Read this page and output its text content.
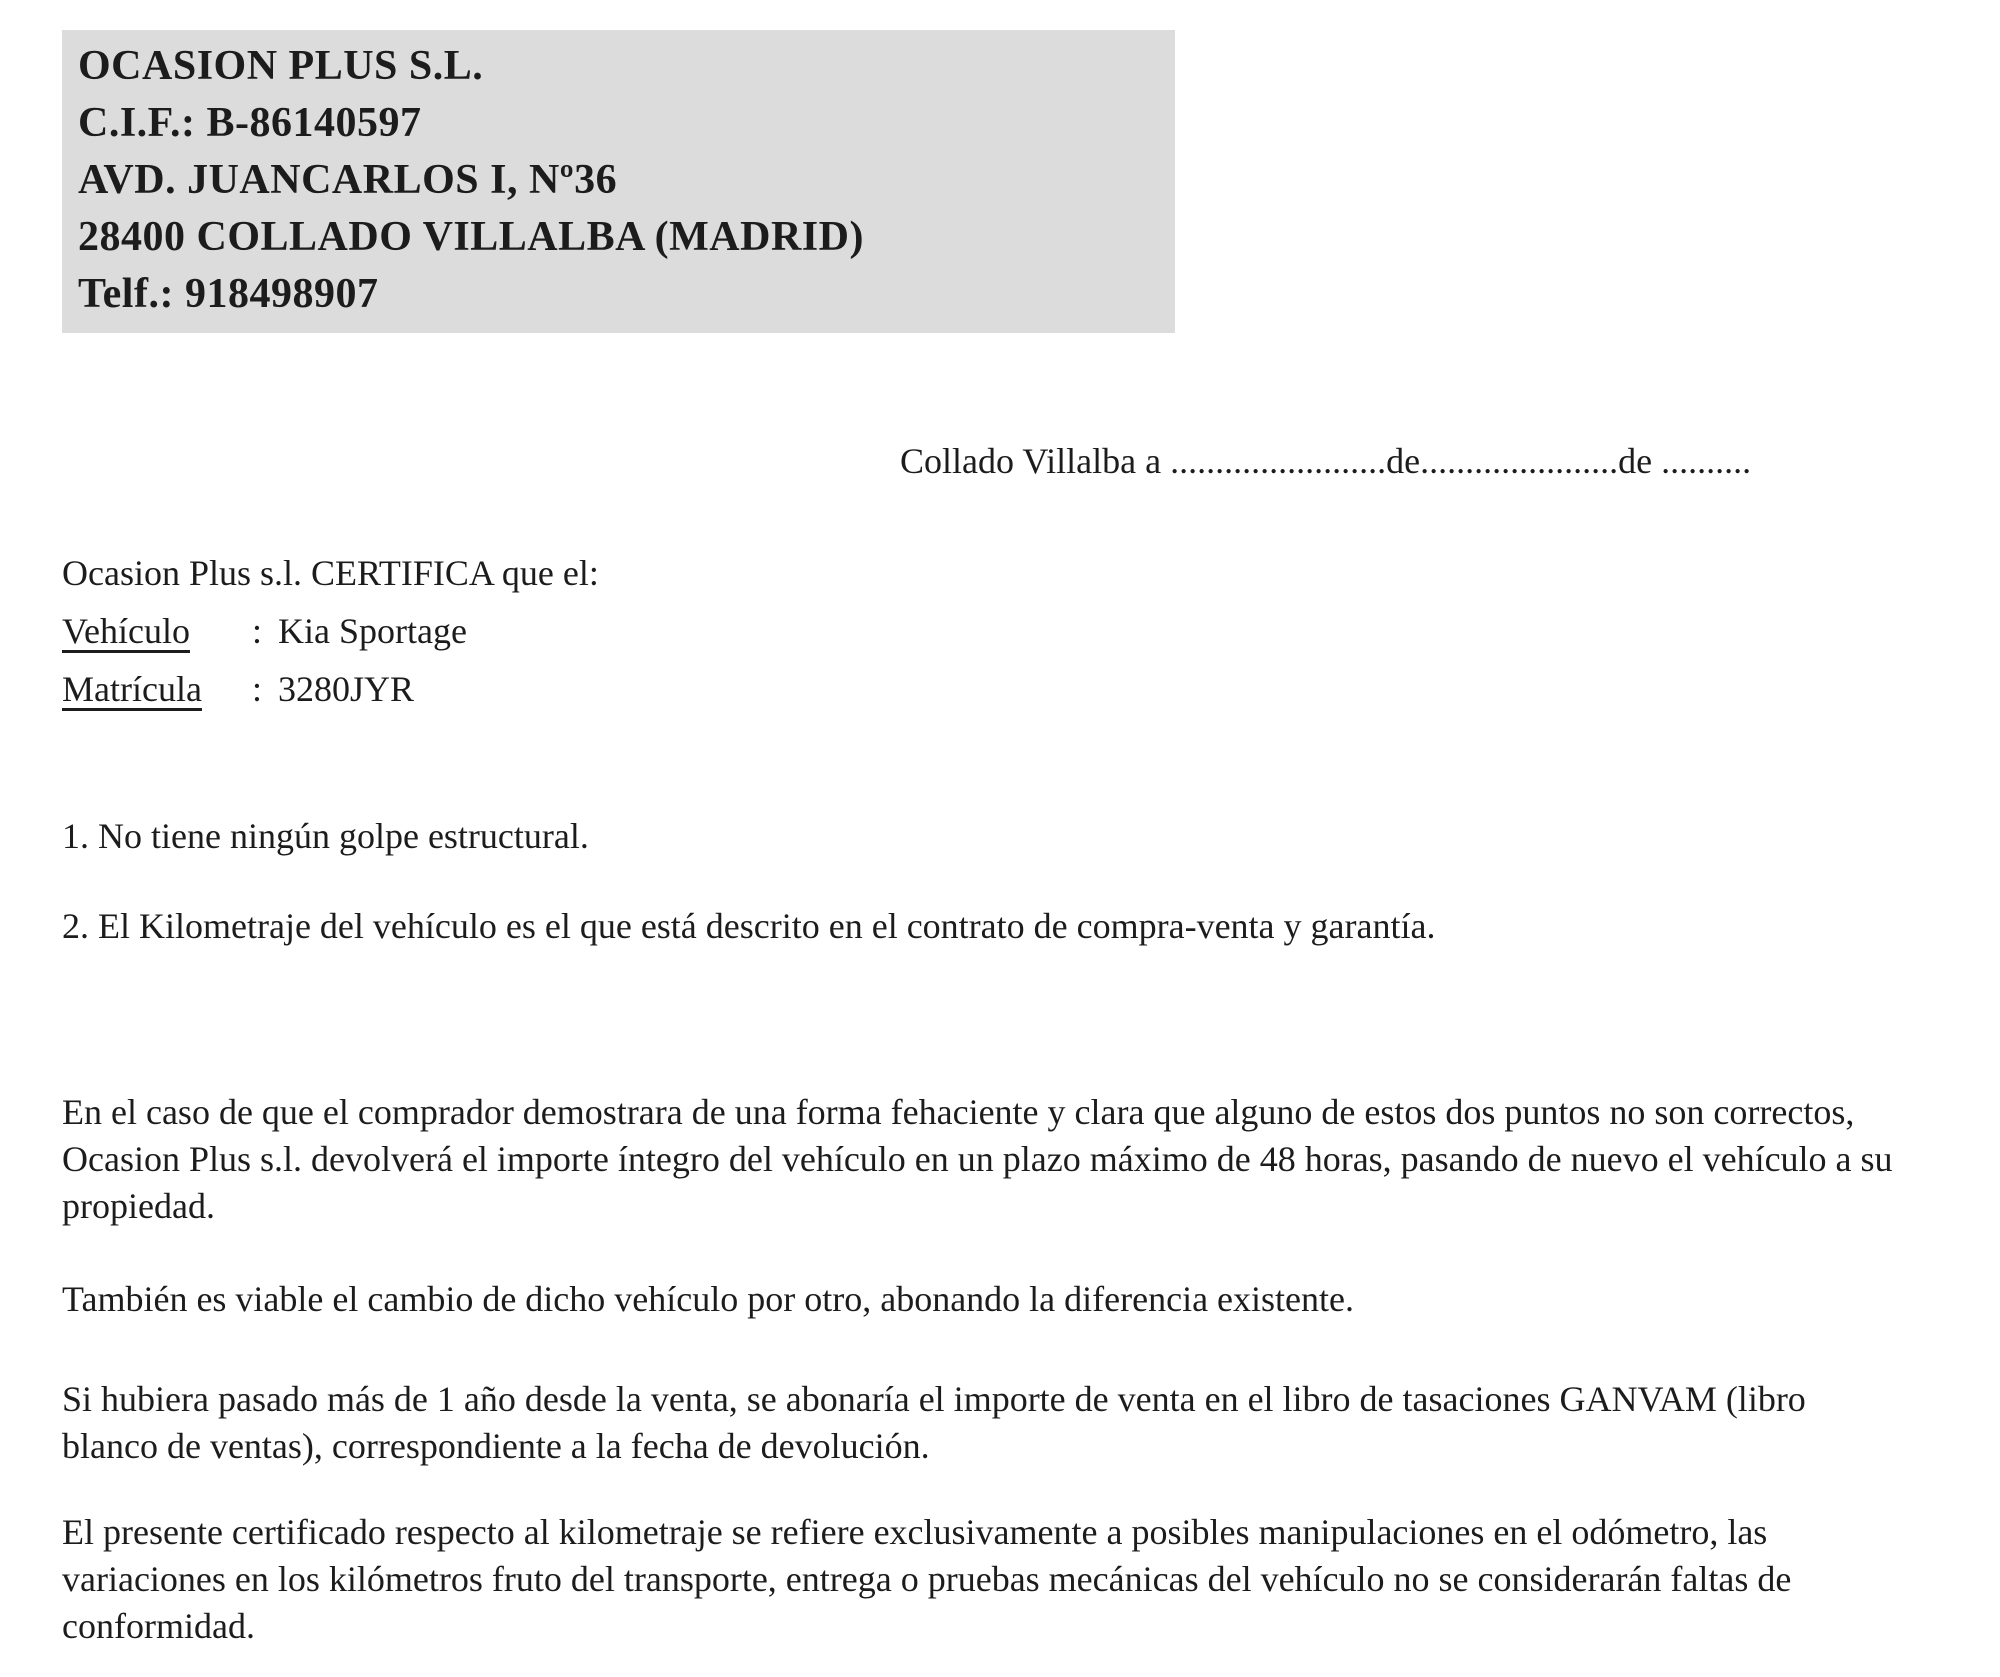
OCASION PLUS S.L.
C.I.F.: B-86140597
AVD. JUANCARLOS I, Nº36
28400 COLLADO VILLALBA (MADRID)
Telf.: 918498907
Collado Villalba a ........................de......................de ..........
Ocasion Plus s.l. CERTIFICA que el:
Vehículo : Kia Sportage
Matrícula : 3280JYR
1. No tiene ningún golpe estructural.
2. El Kilometraje del vehículo es el que está descrito en el contrato de compra-venta y garantía.

En el caso de que el comprador demostrara de una forma fehaciente y clara que alguno de estos dos puntos no son correctos, Ocasion Plus s.l. devolverá el importe íntegro del vehículo en un plazo máximo de 48 horas, pasando de nuevo el vehículo a su propiedad.

También es viable el cambio de dicho vehículo por otro, abonando la diferencia existente.

Si hubiera pasado más de 1 año desde la venta, se abonaría el importe de venta en el libro de tasaciones GANVAM (libro blanco de ventas), correspondiente a la fecha de devolución.

El presente certificado respecto al kilometraje se refiere exclusivamente a posibles manipulaciones en el odómetro, las variaciones en los kilómetros fruto del transporte, entrega o pruebas mecánicas del vehículo no se considerarán faltas de conformidad.
